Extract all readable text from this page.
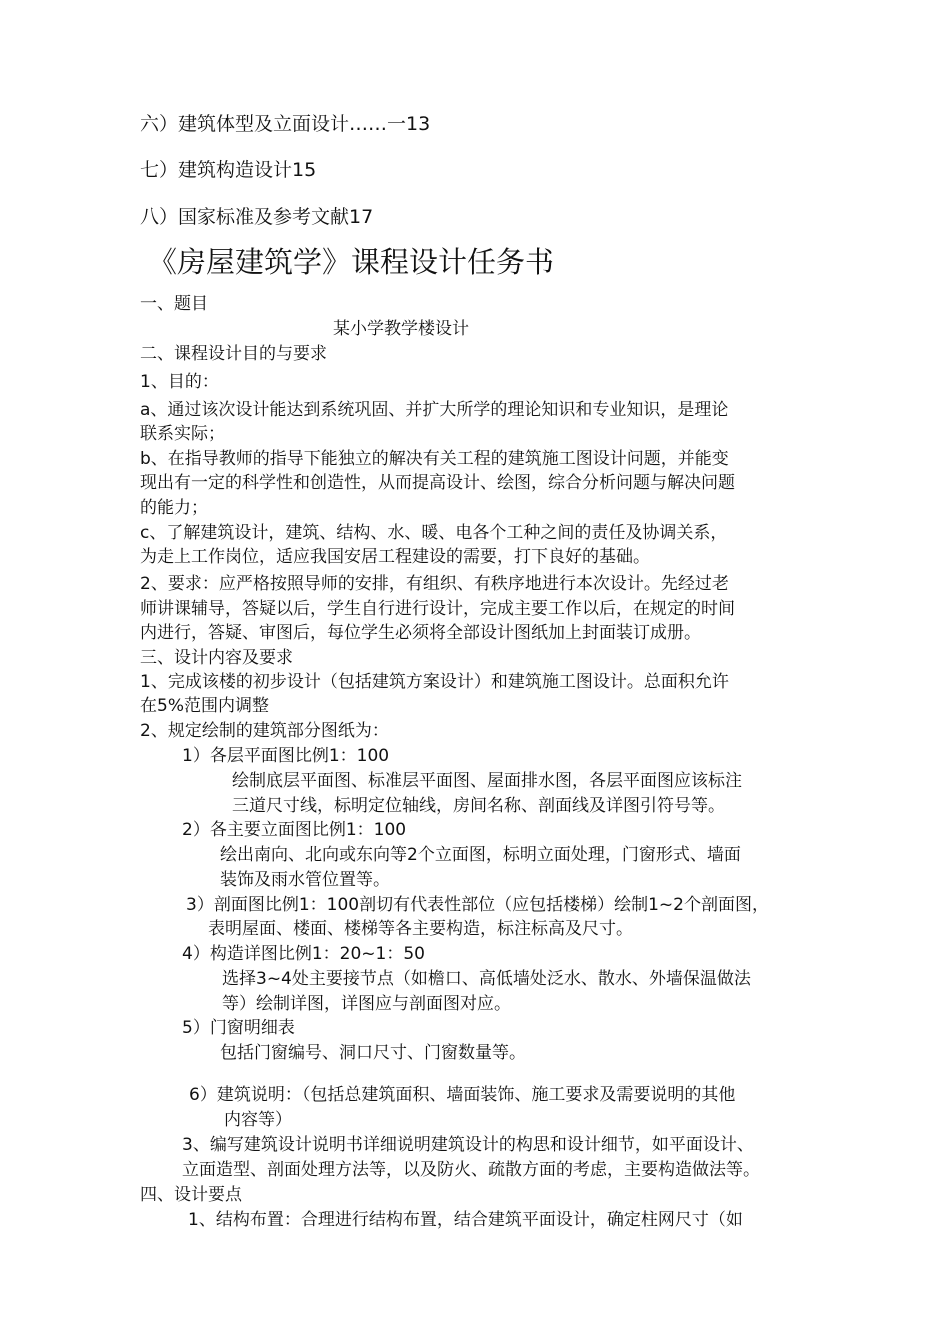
六）建筑体型及立面设计……一13
七）建筑构造设计15
八）国家标准及参考文献17
《房屋建筑学》课程设计任务书
一、题目
某小学教学楼设计
二、课程设计目的与要求
1、目的：
a、通过该次设计能达到系统巩固、并扩大所学的理论知识和专业知识，是理论
联系实际；
b、在指导教师的指导下能独立的解决有关工程的建筑施工图设计问题，并能变
现出有一定的科学性和创造性，从而提高设计、绘图，综合分析问题与解决问题
的能力；
c、了解建筑设计，建筑、结构、水、暖、电各个工种之间的责任及协调关系，
为走上工作岗位，适应我国安居工程建设的需要，打下良好的基础。
2、要求：应严格按照导师的安排，有组织、有秩序地进行本次设计。先经过老
师讲课辅导，答疑以后，学生自行进行设计，完成主要工作以后，在规定的时间
内进行，答疑、审图后，每位学生必须将全部设计图纸加上封面装订成册。
三、设计内容及要求
1、完成该楼的初步设计（包括建筑方案设计）和建筑施工图设计。总面积允许
在5%范围内调整
2、规定绘制的建筑部分图纸为：
1）各层平面图比例1：100
绘制底层平面图、标准层平面图、屋面排水图，各层平面图应该标注
三道尺寸线，标明定位轴线，房间名称、剖面线及详图引符号等。
2）各主要立面图比例1：100
绘出南向、北向或东向等2个立面图，标明立面处理，门窗形式、墙面
装饰及雨水管位置等。
3）剖面图比例1：100剖切有代表性部位（应包括楼梯）绘制1~2个剖面图，
表明屋面、楼面、楼梯等各主要构造，标注标高及尺寸。
4）构造详图比例1：20~1：50
选择3~4处主要接节点（如檐口、高低墙处泛水、散水、外墙保温做法
等）绘制详图，详图应与剖面图对应。
5）门窗明细表
包括门窗编号、洞口尺寸、门窗数量等。
6）建筑说明：（包括总建筑面积、墙面装饰、施工要求及需要说明的其他
内容等）
3、编写建筑设计说明书详细说明建筑设计的构思和设计细节，如平面设计、
立面造型、剖面处理方法等，以及防火、疏散方面的考虑，主要构造做法等。
四、设计要点
1、结构布置：合理进行结构布置，结合建筑平面设计，确定柱网尺寸（如
